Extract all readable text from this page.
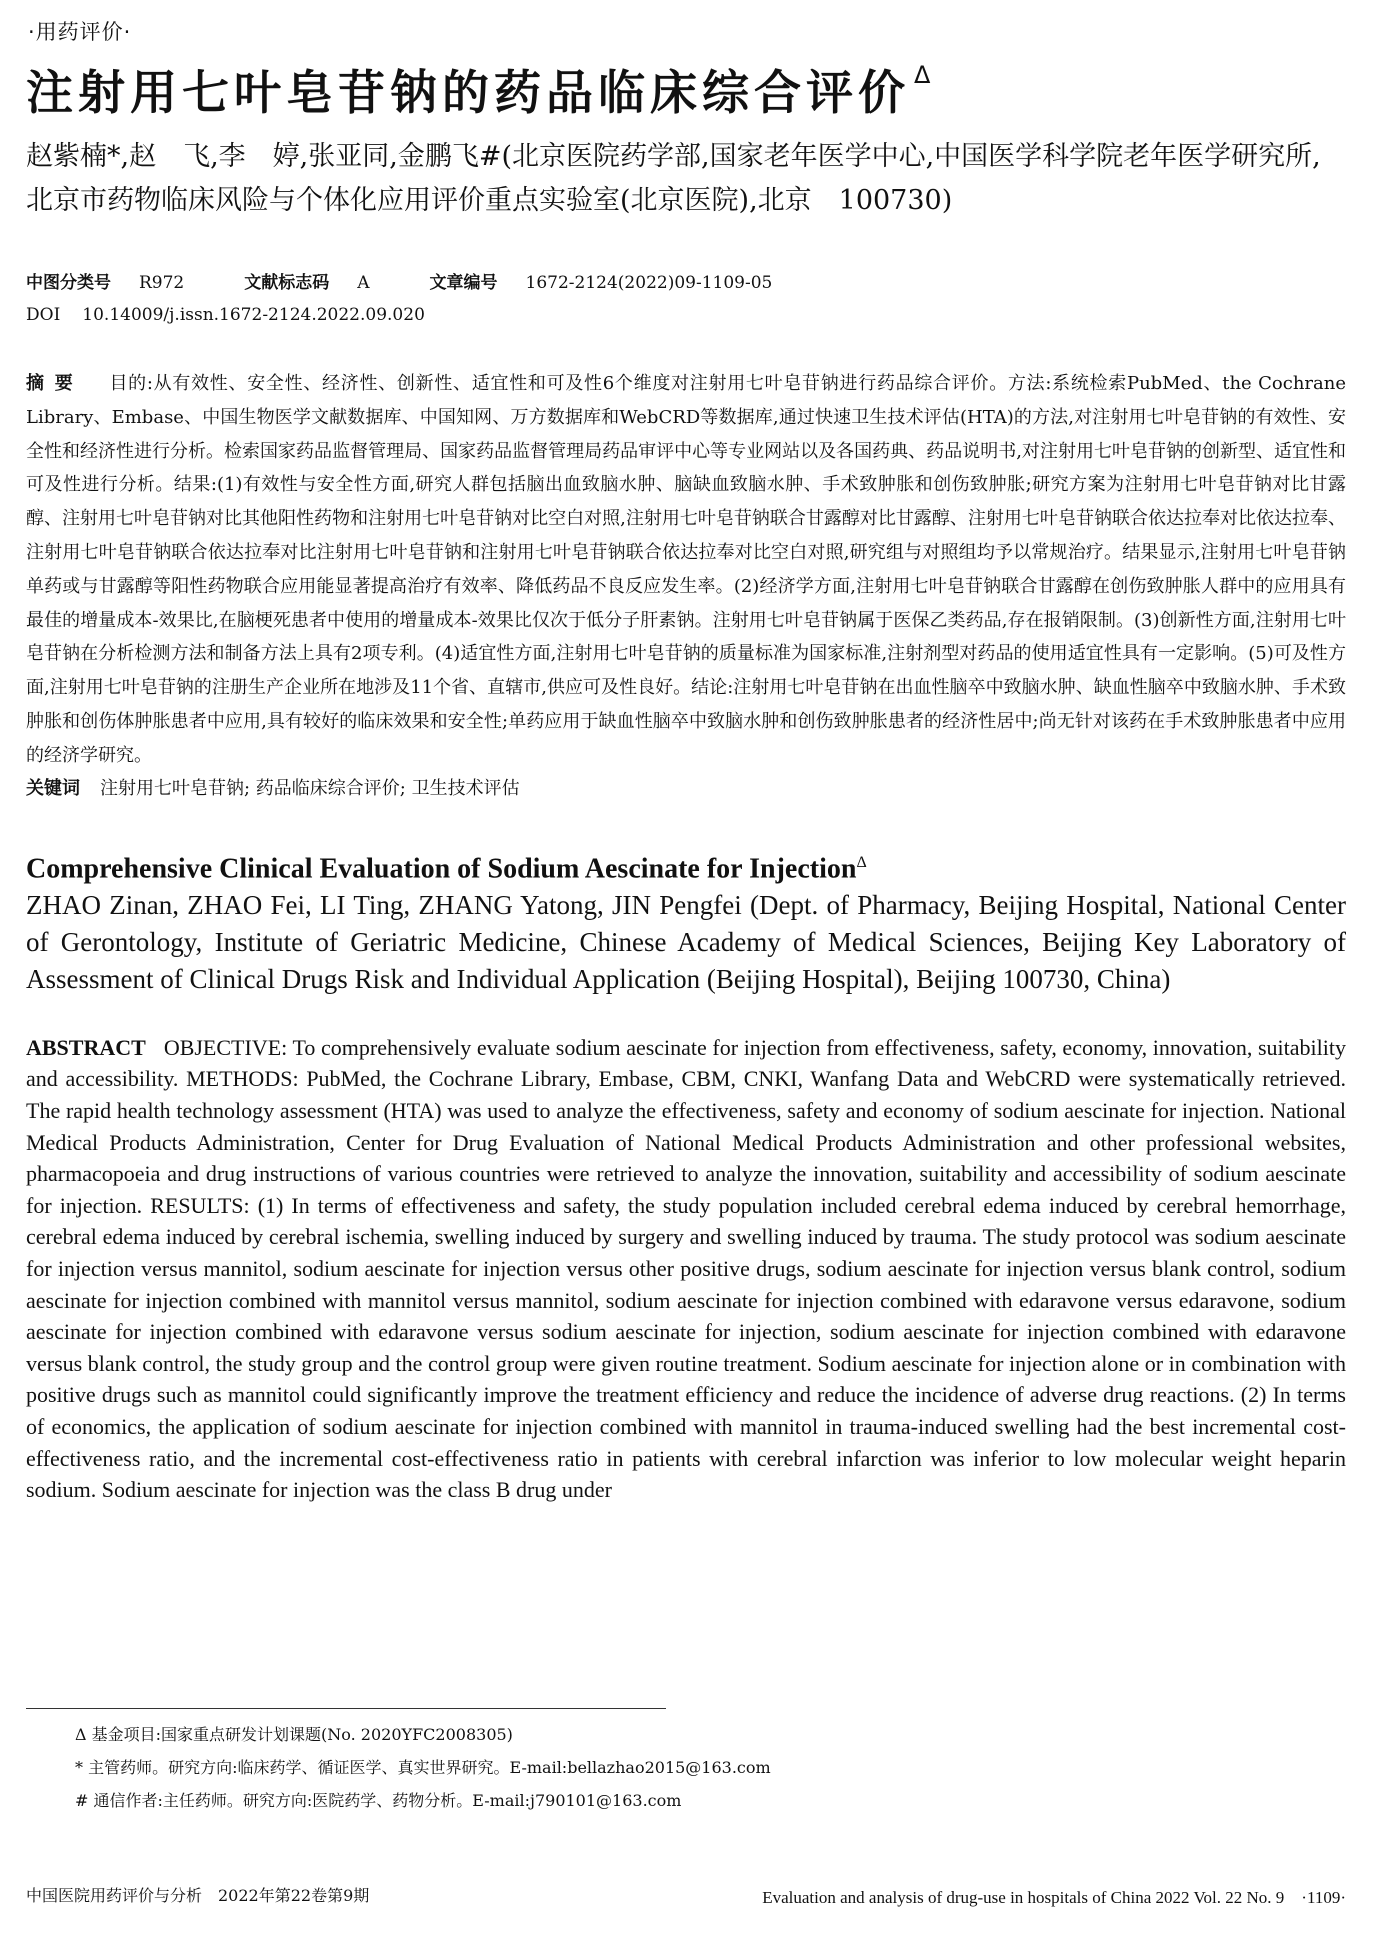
·用药评价·
注射用七叶皂苷钠的药品临床综合评价 $^\Delta$

赵紫楠*,赵　飞,李　婷,张亚同,金鹏飞#(北京医院药学部,国家老年医学中心,中国医学科学院老年医学研究所,北京市药物临床风险与个体化应用评价重点实验室(北京医院),北京　100730)

中图分类号 R972	文献标志码 A	文章编号 1672-2124(2022)09-1109-05
DOI 10.14009/j.issn.1672-2124.2022.09.020
摘要 目的:从有效性、安全性、经济性、创新性、适宜性和可及性6个维度对注射用七叶皂苷钠进行药品综合评价。方法:系统检索PubMed、the Cochrane Library、Embase、中国生物医学文献数据库、中国知网、万方数据库和WebCRD等数据库,通过快速卫生技术评估(HTA)的方法,对注射用七叶皂苷钠的有效性、安全性和经济性进行分析。检索国家药品监督管理局、国家药品监督管理局药品审评中心等专业网站以及各国药典、药品说明书,对注射用七叶皂苷钠的创新型、适宜性和可及性进行分析。结果:(1)有效性与安全性方面,研究人群包括脑出血致脑水肿、脑缺血致脑水肿、手术致肿胀和创伤致肿胀;研究方案为注射用七叶皂苷钠对比甘露醇、注射用七叶皂苷钠对比其他阳性药物和注射用七叶皂苷钠对比空白对照,注射用七叶皂苷钠联合甘露醇对比甘露醇、注射用七叶皂苷钠联合依达拉奉对比依达拉奉、注射用七叶皂苷钠联合依达拉奉对比注射用七叶皂苷钠和注射用七叶皂苷钠联合依达拉奉对比空白对照,研究组与对照组均予以常规治疗。结果显示,注射用七叶皂苷钠单药或与甘露醇等阳性药物联合应用能显著提高治疗有效率、降低药品不良反应发生率。(2)经济学方面,注射用七叶皂苷钠联合甘露醇在创伤致肿胀人群中的应用具有最佳的增量成本-效果比,在脑梗死患者中使用的增量成本-效果比仅次于低分子肝素钠。注射用七叶皂苷钠属于医保乙类药品,存在报销限制。(3)创新性方面,注射用七叶皂苷钠在分析检测方法和制备方法上具有2项专利。(4)适宜性方面,注射用七叶皂苷钠的质量标准为国家标准,注射剂型对药品的使用适宜性具有一定影响。(5)可及性方面,注射用七叶皂苷钠的注册生产企业所在地涉及11个省、直辖市,供应可及性良好。结论:注射用七叶皂苷钠在出血性脑卒中致脑水肿、缺血性脑卒中致脑水肿、手术致肿胀和创伤体肿胀患者中应用,具有较好的临床效果和安全性;单药应用于缺血性脑卒中致脑水肿和创伤致肿胀患者的经济性居中;尚无针对该药在手术致肿胀患者中应用的经济学研究。
关键词 注射用七叶皂苷钠; 药品临床综合评价; 卫生技术评估
Comprehensive Clinical Evaluation of Sodium Aescinate for Injection$^\Delta$
ZHAO Zinan, ZHAO Fei, LI Ting, ZHANG Yatong, JIN Pengfei (Dept. of Pharmacy, Beijing Hospital, National Center of Gerontology, Institute of Geriatric Medicine, Chinese Academy of Medical Sciences, Beijing Key Laboratory of Assessment of Clinical Drugs Risk and Individual Application (Beijing Hospital), Beijing 100730, China)
ABSTRACT OBJECTIVE: To comprehensively evaluate sodium aescinate for injection from effectiveness, safety, economy, innovation, suitability and accessibility. METHODS: PubMed, the Cochrane Library, Embase, CBM, CNKI, Wanfang Data and WebCRD were systematically retrieved. The rapid health technology assessment (HTA) was used to analyze the effectiveness, safety and economy of sodium aescinate for injection. National Medical Products Administration, Center for Drug Evaluation of National Medical Products Administration and other professional websites, pharmacopoeia and drug instructions of various countries were retrieved to analyze the innovation, suitability and accessibility of sodium aescinate for injection. RESULTS: (1) In terms of effectiveness and safety, the study population included cerebral edema induced by cerebral hemorrhage, cerebral edema induced by cerebral ischemia, swelling induced by surgery and swelling induced by trauma. The study protocol was sodium aescinate for injection versus mannitol, sodium aescinate for injection versus other positive drugs, sodium aescinate for injection versus blank control, sodium aescinate for injection combined with mannitol versus mannitol, sodium aescinate for injection combined with edaravone versus edaravone, sodium aescinate for injection combined with edaravone versus sodium aescinate for injection, sodium aescinate for injection combined with edaravone versus blank control, the study group and the control group were given routine treatment. Sodium aescinate for injection alone or in combination with positive drugs such as mannitol could significantly improve the treatment efficiency and reduce the incidence of adverse drug reactions. (2) In terms of economics, the application of sodium aescinate for injection combined with mannitol in trauma-induced swelling had the best incremental cost-effectiveness ratio, and the incremental cost-effectiveness ratio in patients with cerebral infarction was inferior to low molecular weight heparin sodium. Sodium aescinate for injection was the class B drug under
Δ 基金项目:国家重点研发计划课题(No. 2020YFC2008305)
* 主管药师。研究方向:临床药学、循证医学、真实世界研究。E-mail:bellazhao2015@163.com
# 通信作者:主任药师。研究方向:医院药学、药物分析。E-mail:j790101@163.com
中国医院用药评价与分析　2022年第22卷第9期	Evaluation and analysis of drug-use in hospitals of China 2022 Vol. 22 No. 9　·1109·
